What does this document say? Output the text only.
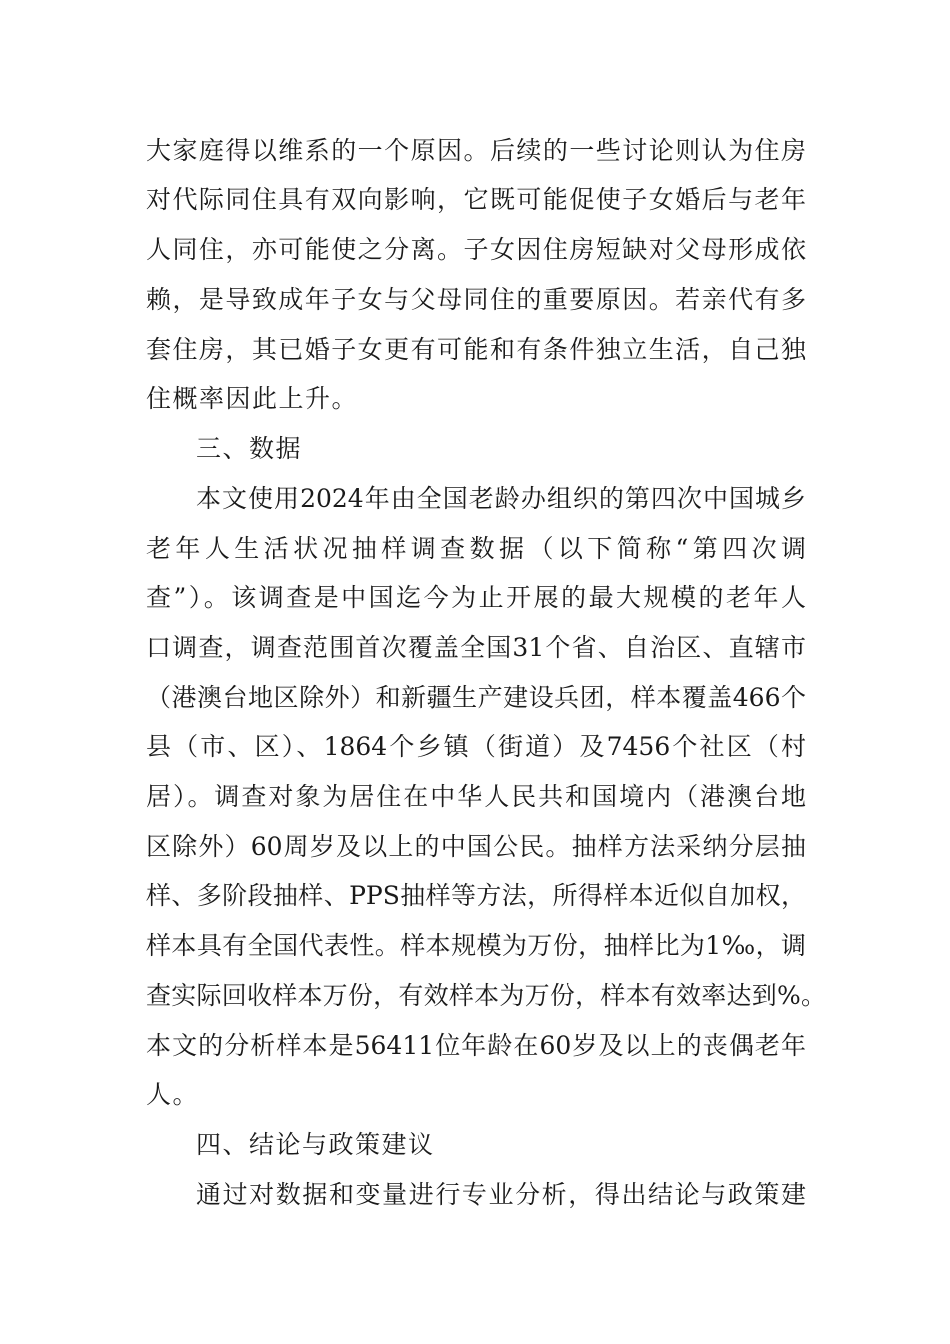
大家庭得以维系的一个原因。后续的一些讨论则认为住房
对代际同住具有双向影响，它既可能促使子女婚后与老年
人同住，亦可能使之分离。子女因住房短缺对父母形成依
赖，是导致成年子女与父母同住的重要原因。若亲代有多
套住房，其已婚子女更有可能和有条件独立生活，自己独
住概率因此上升。
三、数据
本文使用2024年由全国老龄办组织的第四次中国城乡
老年人生活状况抽样调查数据（以下简称“第四次调
查”）。该调查是中国迄今为止开展的最大规模的老年人
口调查，调查范围首次覆盖全国31个省、自治区、直辖市
（港澳台地区除外）和新疆生产建设兵团，样本覆盖466个
县（市、区）、1864个乡镇（街道）及7456个社区（村
居）。调查对象为居住在中华人民共和国境内（港澳台地
区除外）60周岁及以上的中国公民。抽样方法采纳分层抽
样、多阶段抽样、PPS抽样等方法，所得样本近似自加权，
样本具有全国代表性。样本规模为万份，抽样比为1‰，调
查实际回收样本万份，有效样本为万份，样本有效率达到%。
本文的分析样本是56411位年龄在60岁及以上的丧偶老年
人。
四、结论与政策建议
通过对数据和变量进行专业分析，得出结论与政策建
